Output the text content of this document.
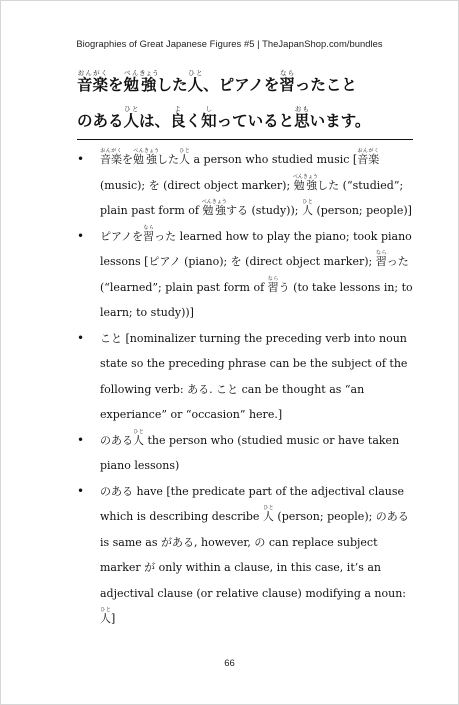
Biographies of Great Japanese Figures #5 | TheJapanShop.com/bundles
音おん楽がくを勉べん強きょうした人ひと、ピアノを習ならったこと
のある人ひとは、良よく知しっていると思おもいます。
• 音おん楽がくを勉べん強きょうした人ひと a person who studied music [音楽おんがく (music); を (direct object marker); 勉強べんきょうした (“studied”; plain past form of 勉強べんきょうする (study)); 人ひと (person; people)]
• ピアノを習ならった learned how to play the piano; took piano lessons [ピアノ (piano); を (direct object marker); 習ならった (“learned”; plain past form of 習ならう (to take lessons in; to learn; to study))]
• こと [nominalizer turning the preceding verb into noun state so the preceding phrase can be the subject of the following verb: ある. こと can be thought as “an experiance” or “occasion” here.]
• のある人ひと the person who (studied music or have taken piano lessons)
• のある have [the predicate part of the adjectival clause which is describing describe 人ひと (person; people); のある is same as がある, however, の can replace subject marker が only within a clause, in this case, it’s an adjectival clause (or relative clause) modifying a noun: 人ひと]
66
